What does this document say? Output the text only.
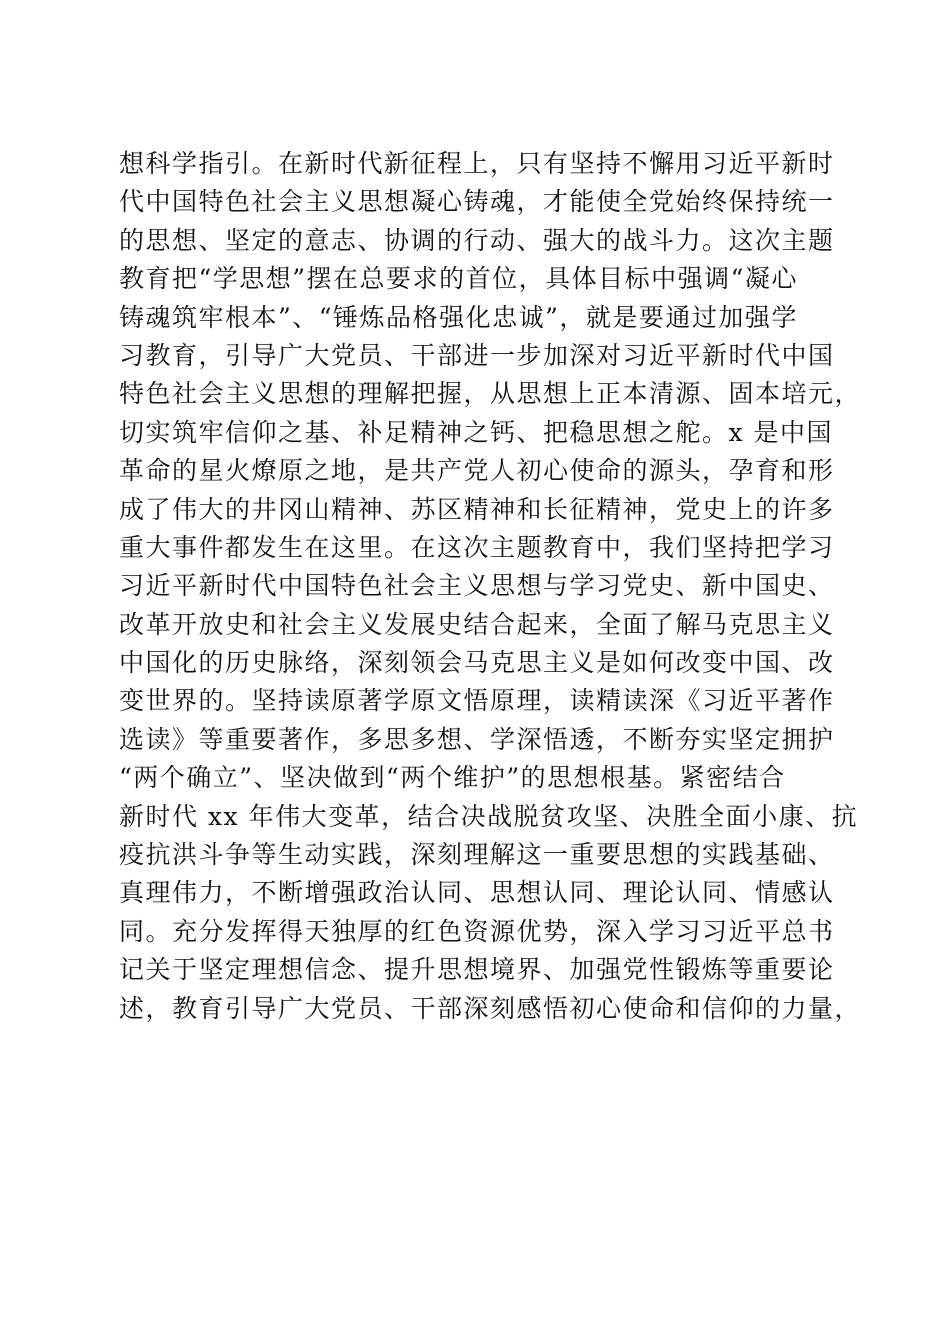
想科学指引。在新时代新征程上，只有坚持不懈用习近平新时
代中国特色社会主义思想凝心铸魂，才能使全党始终保持统一
的思想、坚定的意志、协调的行动、强大的战斗力。这次主题
教育把“学思想”摆在总要求的首位，具体目标中强调“凝心
铸魂筑牢根本”、“锤炼品格强化忠诚”，就是要通过加强学
习教育，引导广大党员、干部进一步加深对习近平新时代中国
特色社会主义思想的理解把握，从思想上正本清源、固本培元，
切实筑牢信仰之基、补足精神之钙、把稳思想之舵。x 是中国
革命的星火燎原之地，是共产党人初心使命的源头，孕育和形
成了伟大的井冈山精神、苏区精神和长征精神，党史上的许多
重大事件都发生在这里。在这次主题教育中，我们坚持把学习
习近平新时代中国特色社会主义思想与学习党史、新中国史、
改革开放史和社会主义发展史结合起来，全面了解马克思主义
中国化的历史脉络，深刻领会马克思主义是如何改变中国、改
变世界的。坚持读原著学原文悟原理，读精读深《习近平著作
选读》等重要著作，多思多想、学深悟透，不断夯实坚定拥护
“两个确立”、坚决做到“两个维护”的思想根基。紧密结合
新时代 xx 年伟大变革，结合决战脱贫攻坚、决胜全面小康、抗
疫抗洪斗争等生动实践，深刻理解这一重要思想的实践基础、
真理伟力，不断增强政治认同、思想认同、理论认同、情感认
同。充分发挥得天独厚的红色资源优势，深入学习习近平总书
记关于坚定理想信念、提升思想境界、加强党性锻炼等重要论
述，教育引导广大党员、干部深刻感悟初心使命和信仰的力量，
